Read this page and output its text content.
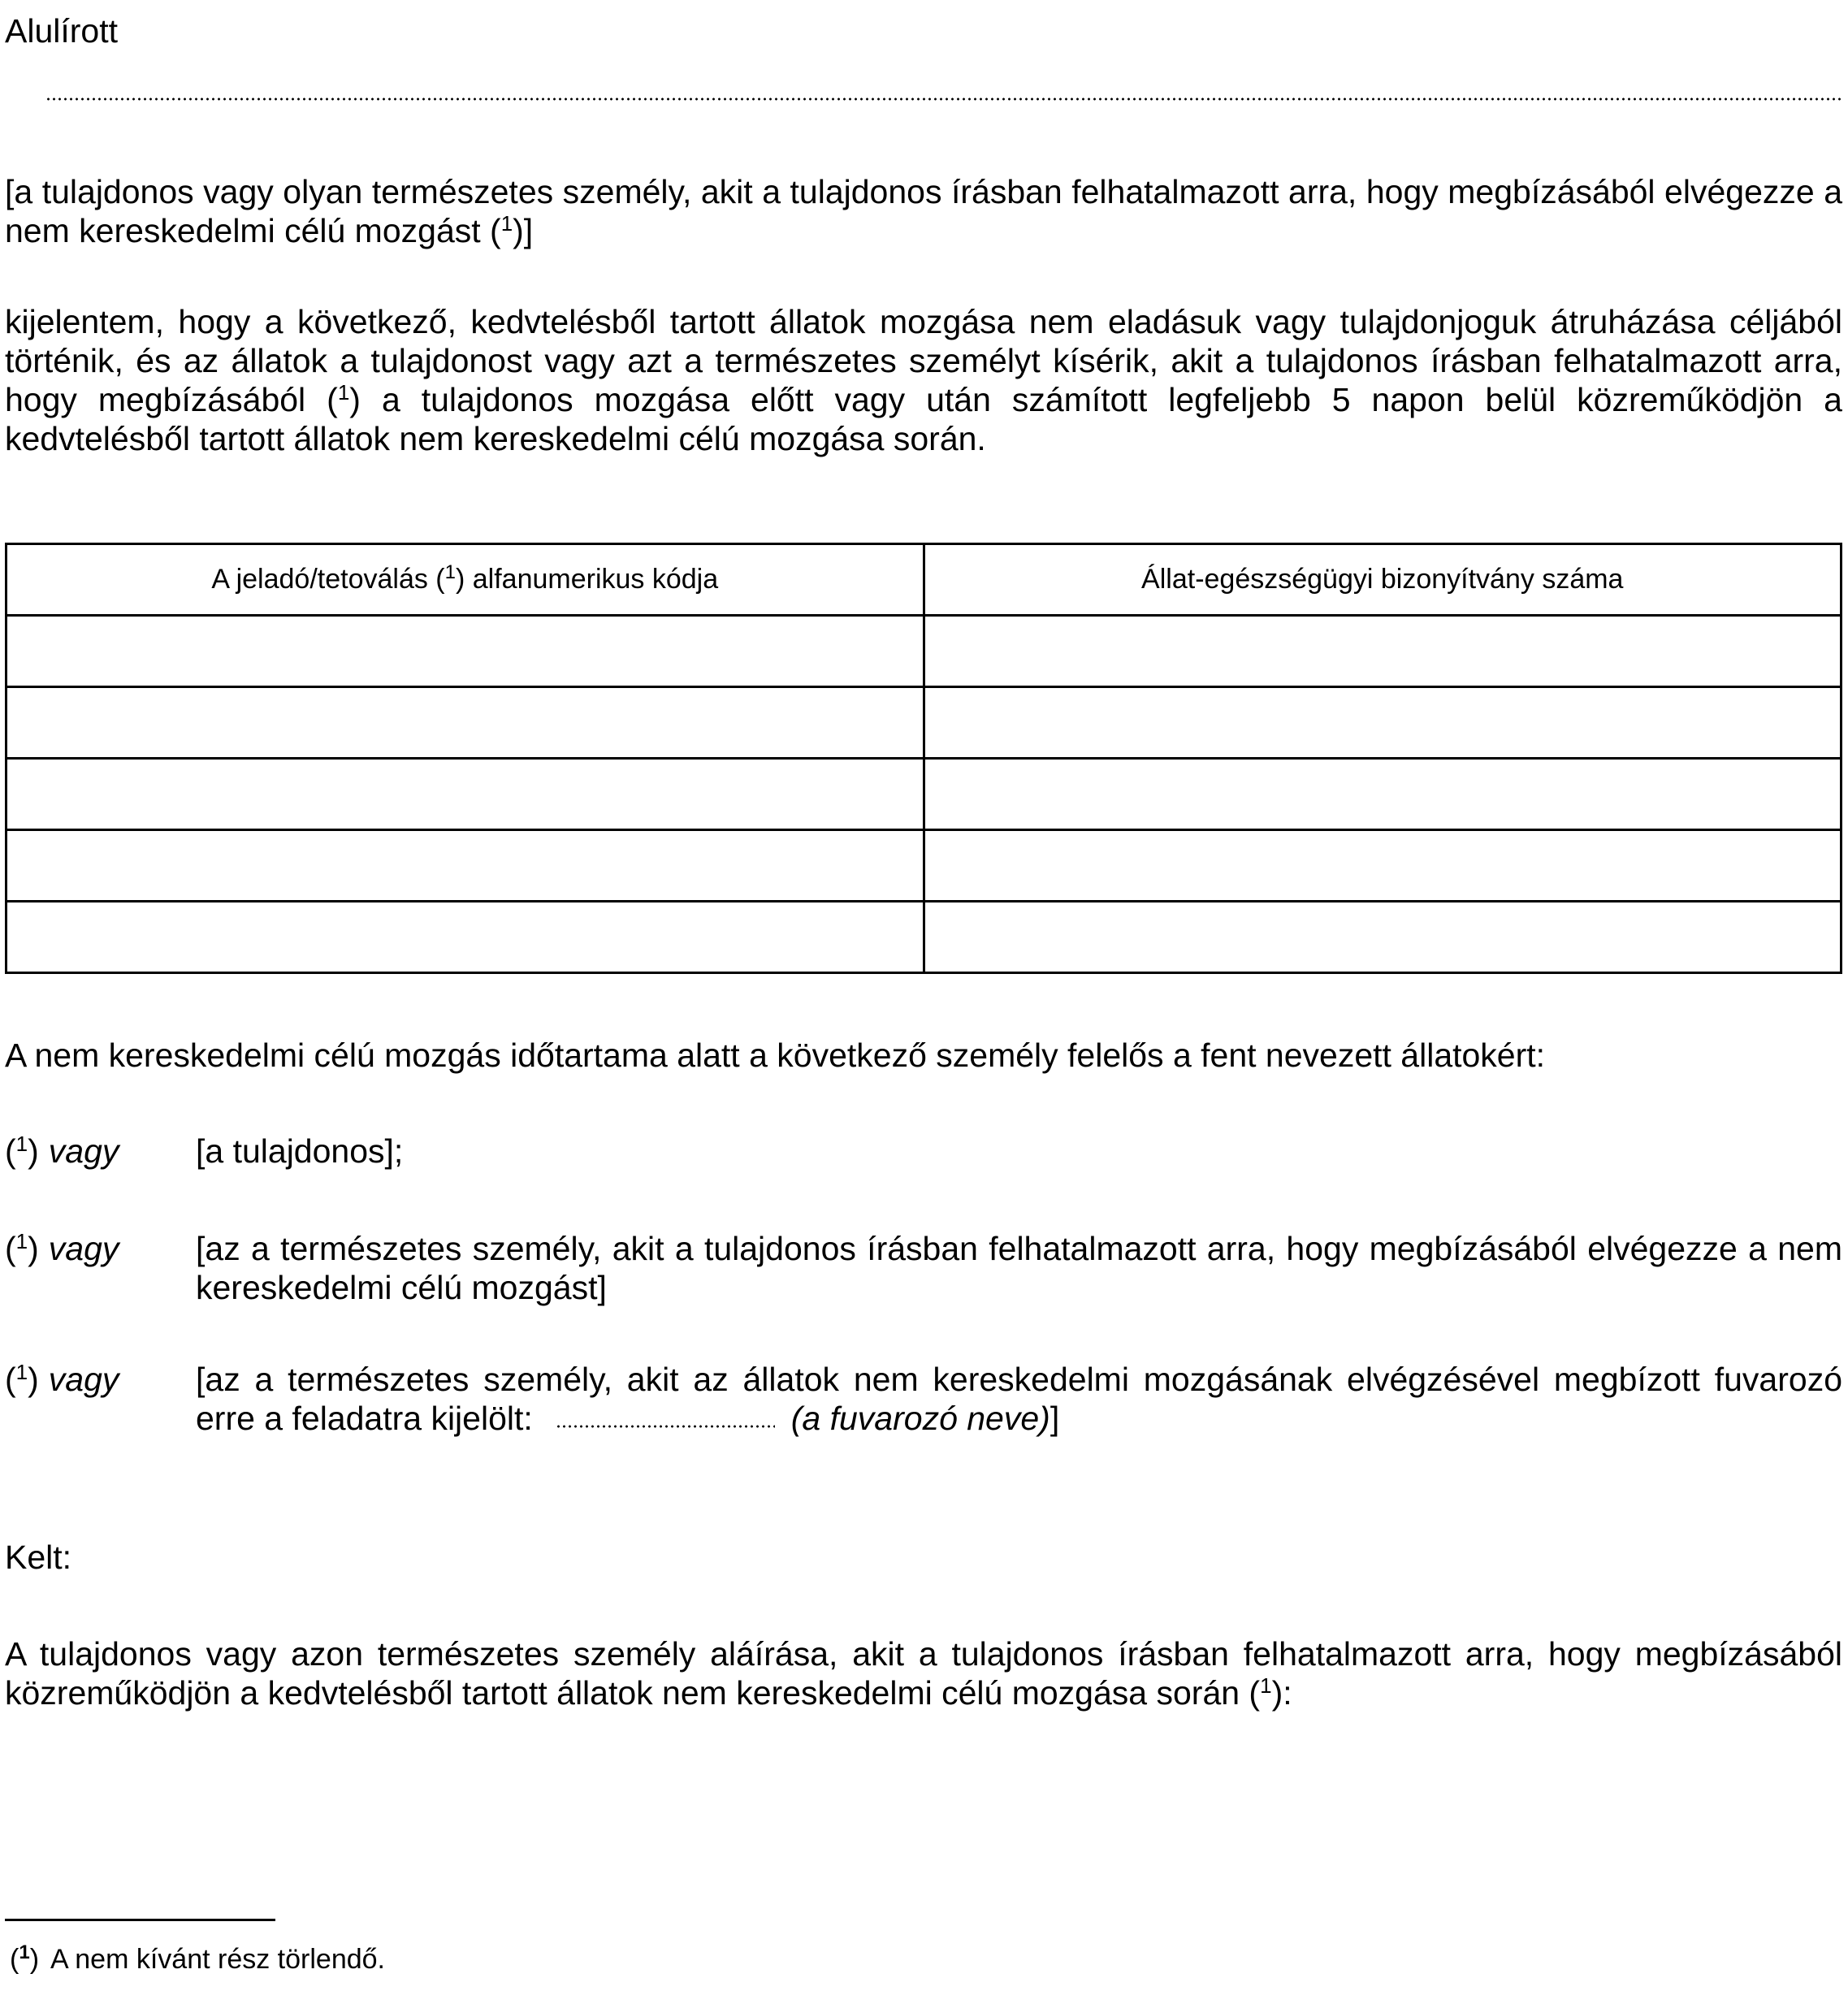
Alulírott
[a tulajdonos vagy olyan természetes személy, akit a tulajdonos írásban felhatalmazott arra, hogy megbízásából elvégezze a nem kereskedelmi célú mozgást ($^1$)]
kijelentem, hogy a következő, kedvtelésből tartott állatok mozgása nem eladásuk vagy tulajdonjoguk átruházása céljából történik, és az állatok a tulajdonost vagy azt a természetes személyt kísérik, akit a tulajdonos írásban felhatalmazott arra, hogy megbízásából ($^1$) a tulajdonos mozgása előtt vagy után számított legfeljebb 5 napon belül közreműködjön a kedvtelésből tartott állatok nem kereskedelmi célú mozgása során.
A jeladó/tetoválás ($^1$) alfanumerikus kódja	Állat-egészségügyi bizonyítvány száma

A nem kereskedelmi célú mozgás időtartama alatt a következő személy felelős a fent nevezett állatokért:
($^1$) vagy	[a tulajdonos];
($^1$) vagy	[az a természetes személy, akit a tulajdonos írásban felhatalmazott arra, hogy megbízásából elvégezze a nem kereskedelmi célú mozgást]
($^1$) vagy	[az a természetes személy, akit az állatok nem kereskedelmi mozgásának elvégzésével megbízott fuvarozó erre a feladatra kijelölt:	(a fuvarozó neve)]
Kelt:
A tulajdonos vagy azon természetes személy aláírása, akit a tulajdonos írásban felhatalmazott arra, hogy megbízásából közreműködjön a kedvtelésből tartott állatok nem kereskedelmi célú mozgása során ($^1$):
($^1$) A nem kívánt rész törlendő.
